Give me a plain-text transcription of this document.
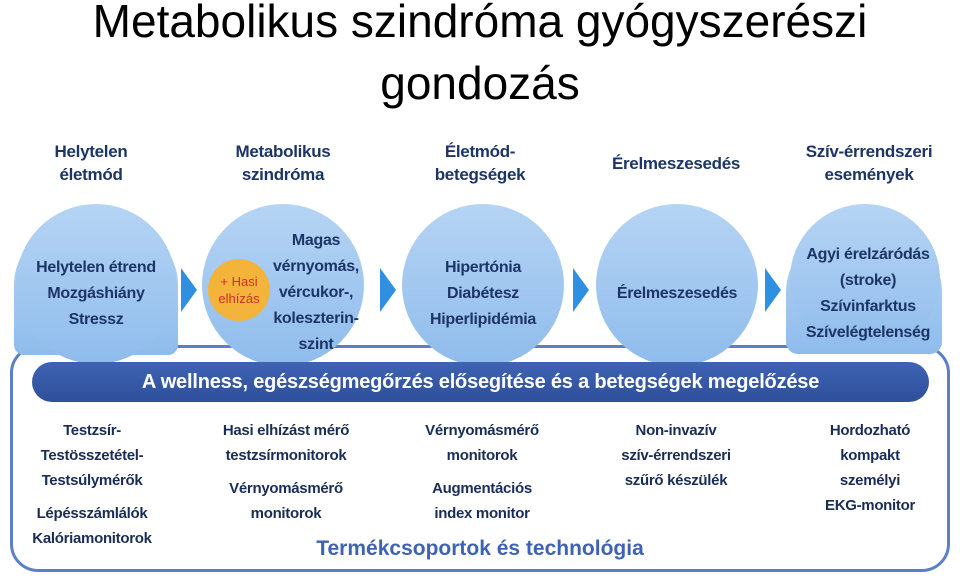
Metabolikus szindróma gyógyszerészi
gondozás
Helytelen
életmód
Metabolikus
szindróma
Életmód-
betegségek
Érelmeszesedés
Szív-érrendszeri
események
Helytelen étrend
Mozgáshiány
Stressz
+ Hasi
elhízás
Magas
vérnyomás,
vércukor-,
koleszterin-
szint
Hipertónia
Diabétesz
Hiperlipidémia
Érelmeszesedés
Agyi érelzáródás
(stroke)
Szívinfarktus
Szívelégtelenség
A wellness, egészségmegőrzés elősegítése és a betegségek megelőzése
Testzsír-
Testösszetétel-
Testsúlymérők
Lépésszámlálók
Kalóriamonitorok
Hasi elhízást mérő
testzsírmonitorok
Vérnyomásmérő
monitorok
Vérnyomásmérő
monitorok
Augmentációs
index monitor
Non-invazív
szív-érrendszeri
szűrő készülék
Hordozható
kompakt
személyi
EKG-monitor
Termékcsoportok és technológia
